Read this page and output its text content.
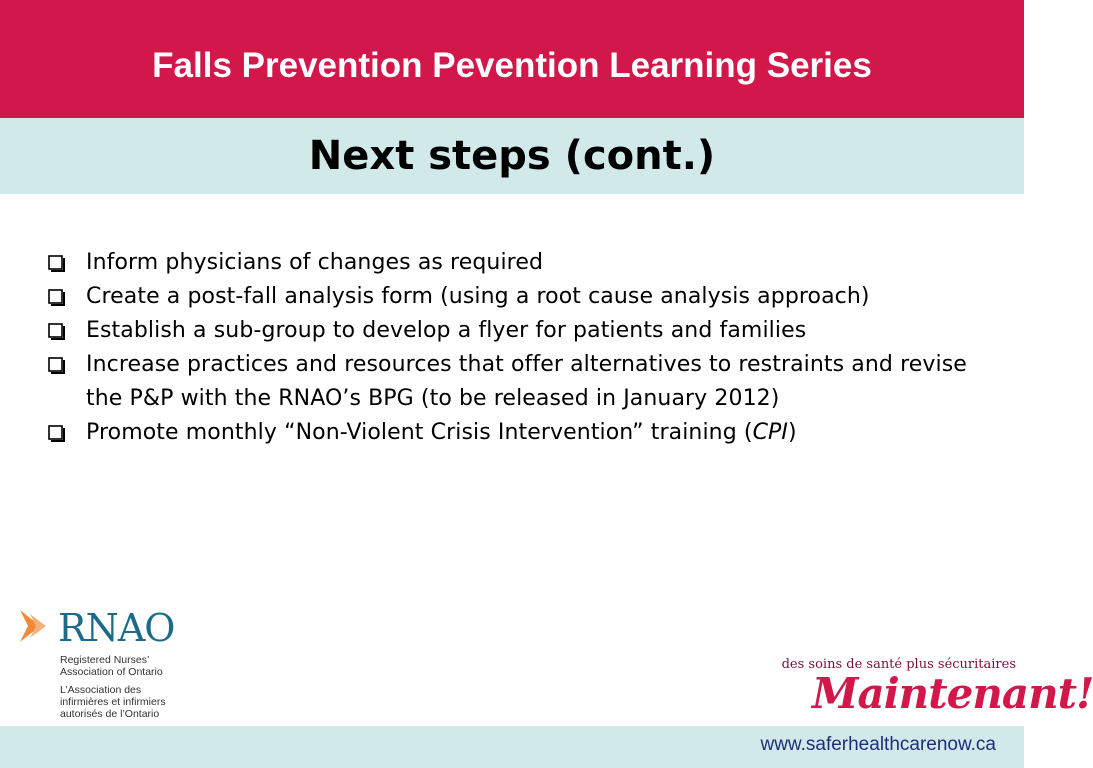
Falls Prevention Pevention Learning Series
Next steps (cont.)
Inform physicians of changes as required
Create a post-fall analysis form (using a root cause analysis approach)
Establish a sub-group to develop a flyer for patients and families
Increase practices and resources that offer alternatives to restraints and revise the P&P with the RNAO’s BPG (to be released in January 2012)
Promote monthly “Non-Violent Crisis Intervention” training (CPI)
RNAO
Registered Nurses’
Association of Ontario
L’Association des
infirmières et infirmiers
autorisés de l’Ontario
des soins de santé plus sécuritaires
Maintenant!
www.saferhealthcarenow.ca
